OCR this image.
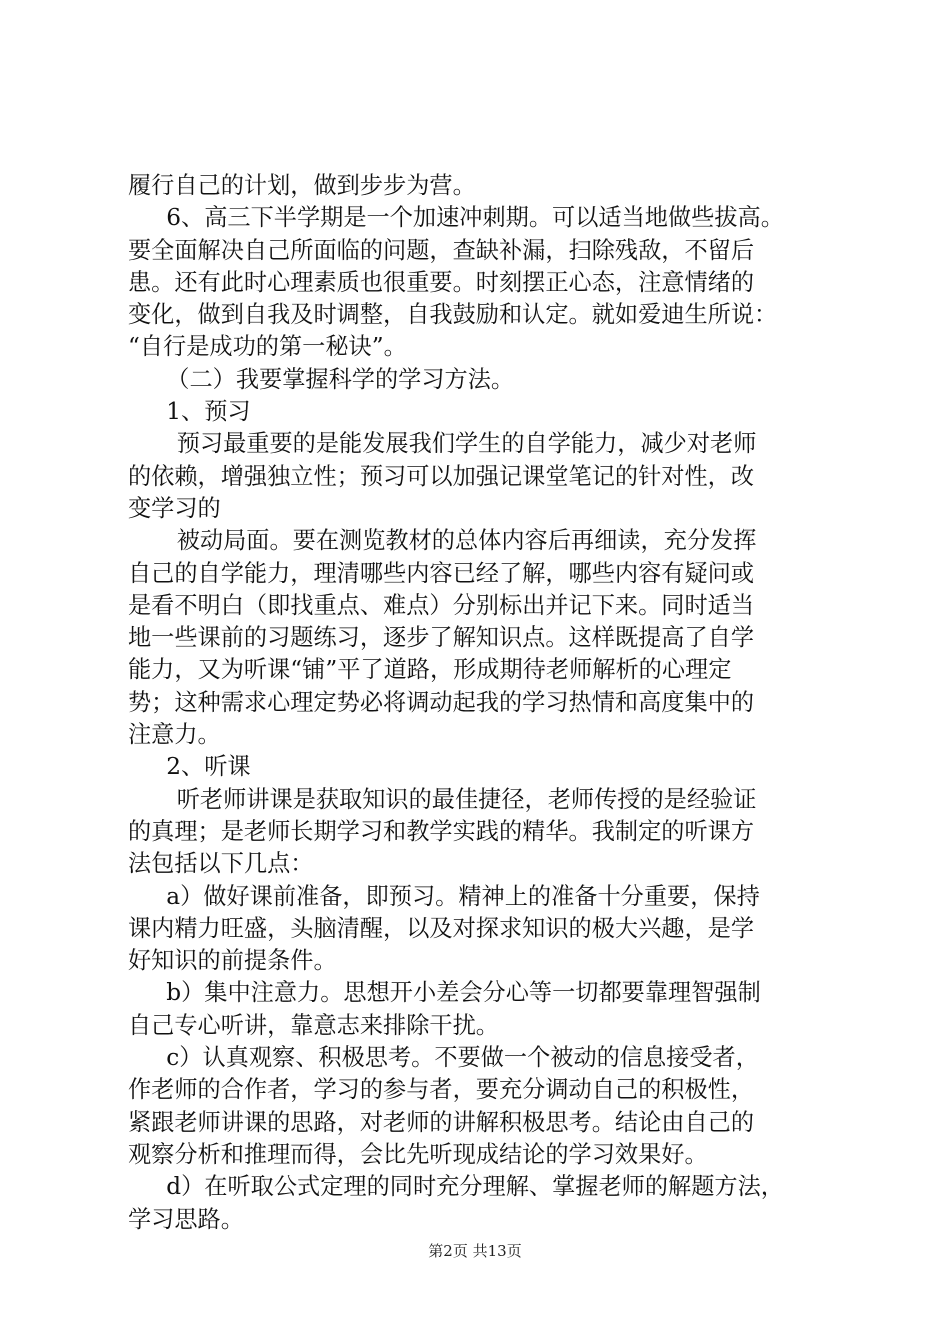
履行自己的计划，做到步步为营。
6、高三下半学期是一个加速冲刺期。可以适当地做些拔高。
要全面解决自己所面临的问题，查缺补漏，扫除残敌，不留后
患。还有此时心理素质也很重要。时刻摆正心态，注意情绪的
变化，做到自我及时调整，自我鼓励和认定。就如爱迪生所说：
“自行是成功的第一秘诀”。
（二）我要掌握科学的学习方法。
1、预习
预习最重要的是能发展我们学生的自学能力，减少对老师
的依赖，增强独立性；预习可以加强记课堂笔记的针对性，改
变学习的
被动局面。要在测览教材的总体内容后再细读，充分发挥
自己的自学能力，理清哪些内容已经了解，哪些内容有疑问或
是看不明白（即找重点、难点）分别标出并记下来。同时适当
地一些课前的习题练习，逐步了解知识点。这样既提高了自学
能力，又为听课“铺”平了道路，形成期待老师解析的心理定
势；这种需求心理定势必将调动起我的学习热情和高度集中的
注意力。
2、听课
听老师讲课是获取知识的最佳捷径，老师传授的是经验证
的真理；是老师长期学习和教学实践的精华。我制定的听课方
法包括以下几点：
a）做好课前准备，即预习。精神上的准备十分重要，保持
课内精力旺盛，头脑清醒，以及对探求知识的极大兴趣，是学
好知识的前提条件。
b）集中注意力。思想开小差会分心等一切都要靠理智强制
自己专心听讲，靠意志来排除干扰。
c）认真观察、积极思考。不要做一个被动的信息接受者，
作老师的合作者，学习的参与者，要充分调动自己的积极性，
紧跟老师讲课的思路，对老师的讲解积极思考。结论由自己的
观察分析和推理而得，会比先听现成结论的学习效果好。
d）在听取公式定理的同时充分理解、掌握老师的解题方法，
学习思路。
第2页 共13页
